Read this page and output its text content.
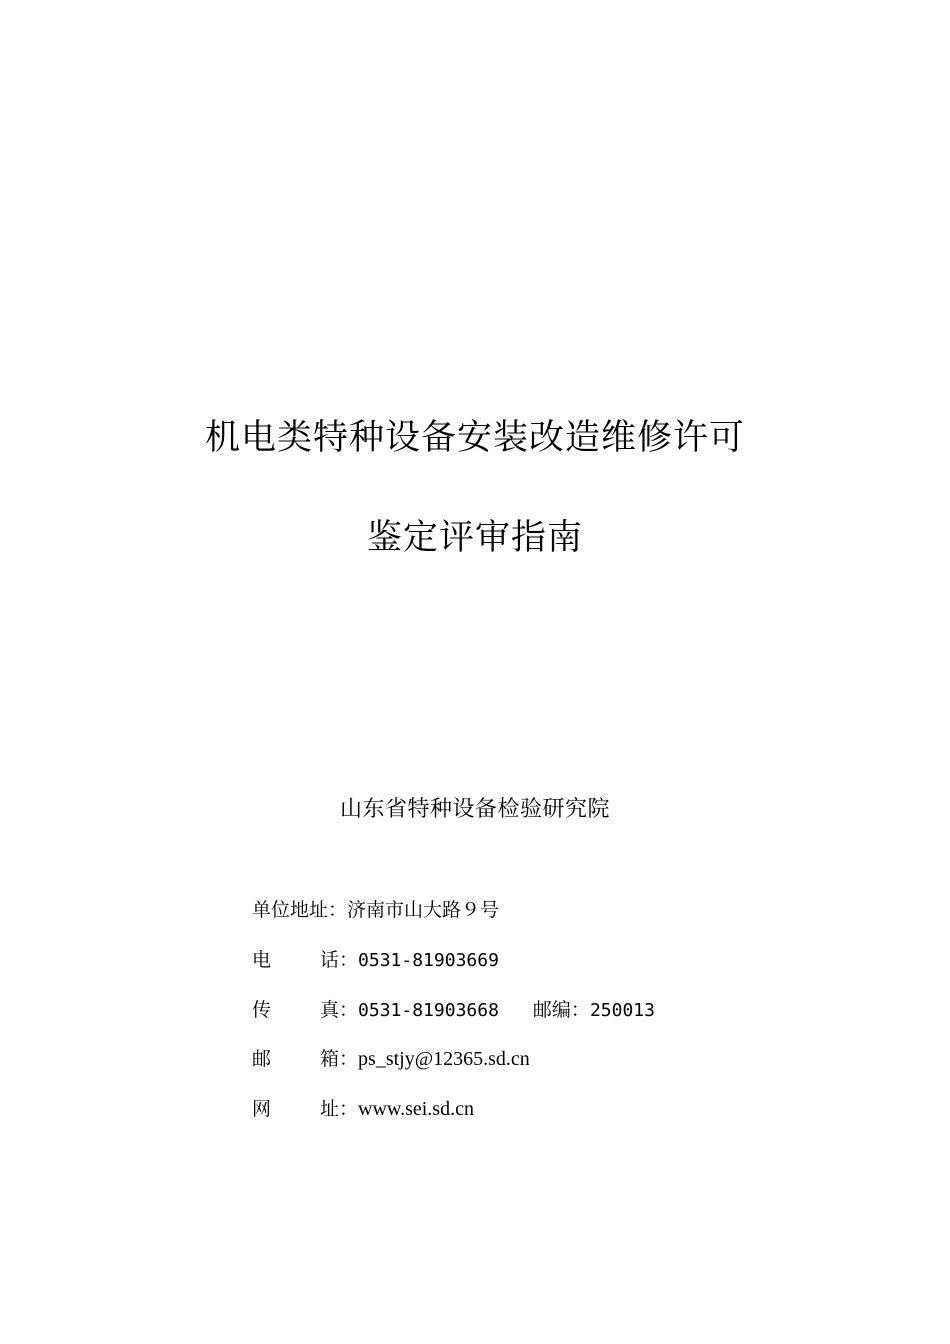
机电类特种设备安装改造维修许可
鉴定评审指南
山东省特种设备检验研究院
单位地址：济南市山大路９号
电	话：0531-81903669
传	真：0531-81903668 邮编：250013
邮	箱：ps_stjy@12365.sd.cn
网	址：www.sei.sd.cn
